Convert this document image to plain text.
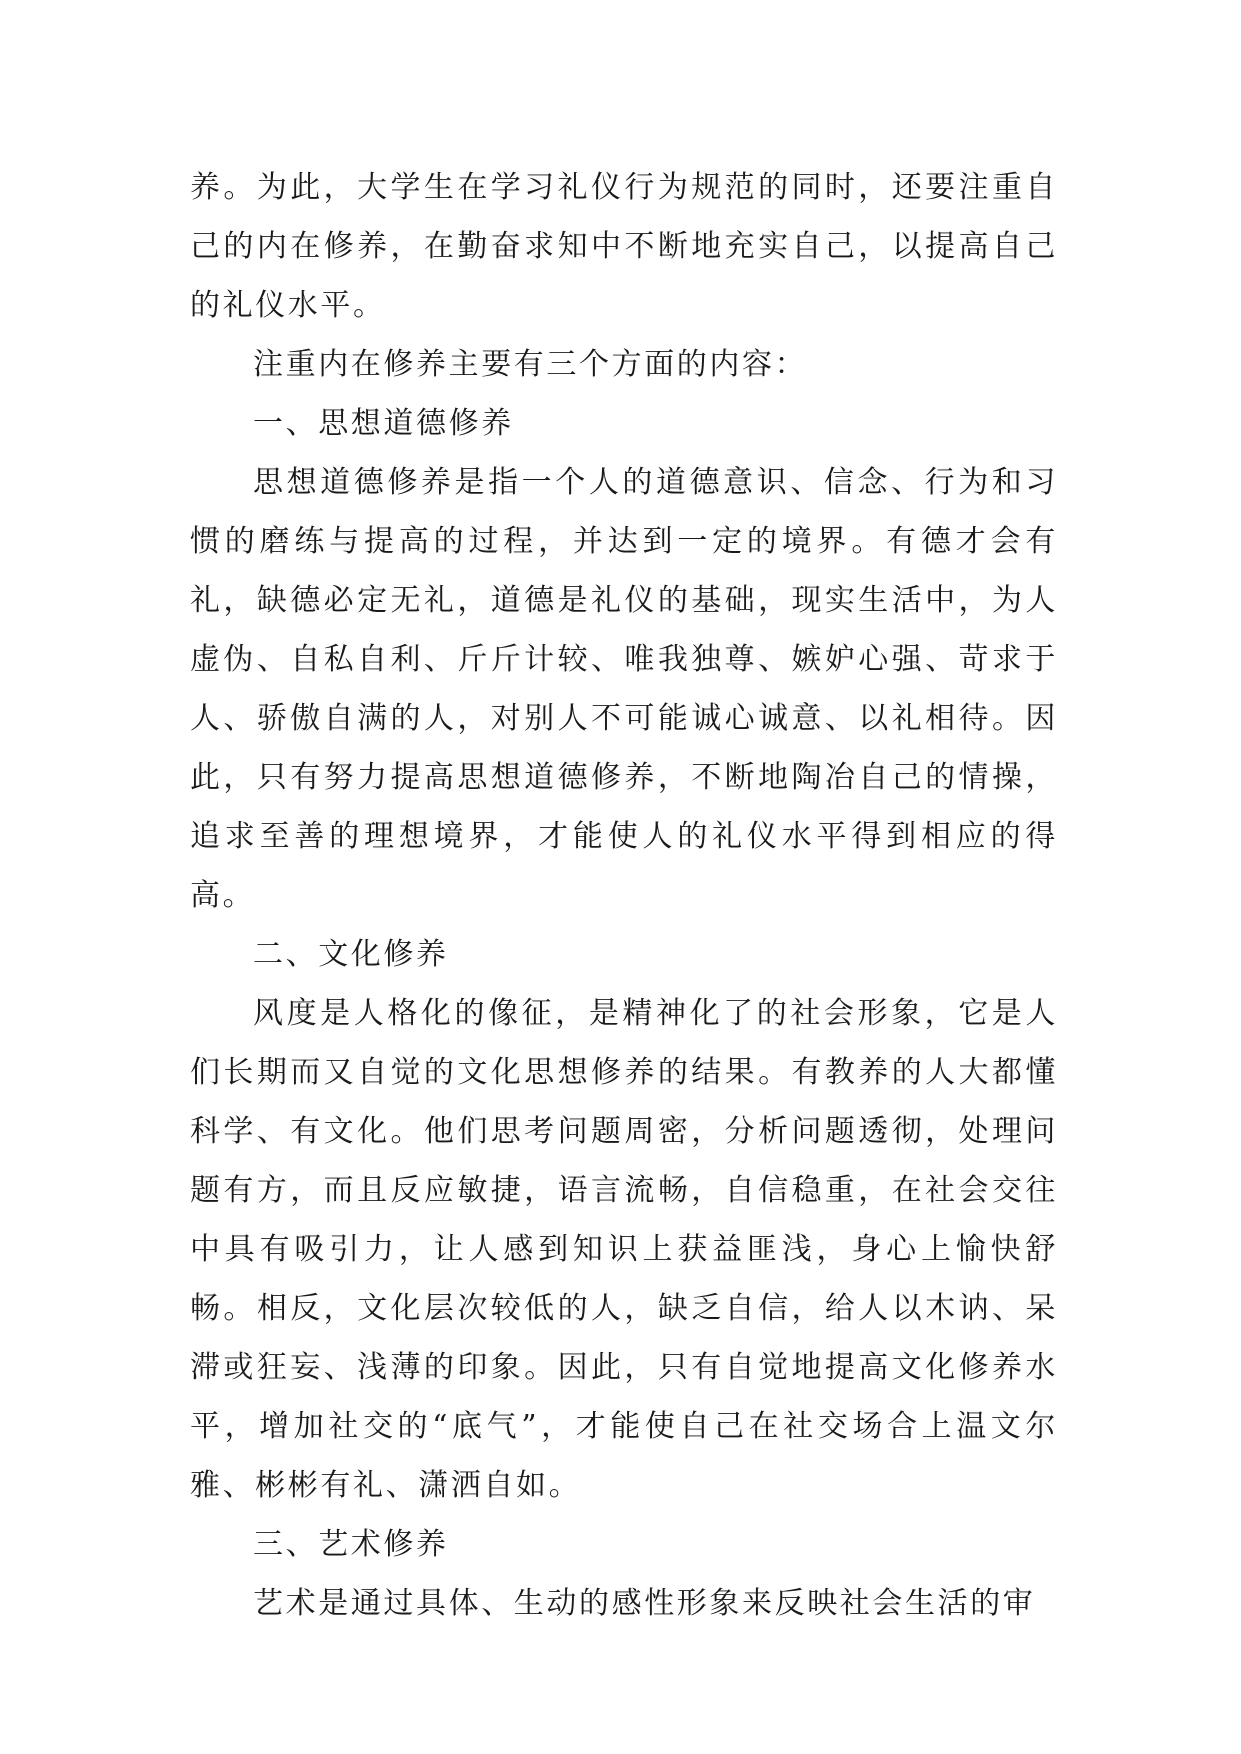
养。为此，大学生在学习礼仪行为规范的同时，还要注重自己的内在修养，在勤奋求知中不断地充实自己，以提高自己的礼仪水平。

注重内在修养主要有三个方面的内容：

一、思想道德修养

思想道德修养是指一个人的道德意识、信念、行为和习惯的磨练与提高的过程，并达到一定的境界。有德才会有礼，缺德必定无礼，道德是礼仪的基础，现实生活中，为人虚伪、自私自利、斤斤计较、唯我独尊、嫉妒心强、苛求于人、骄傲自满的人，对别人不可能诚心诚意、以礼相待。因此，只有努力提高思想道德修养，不断地陶冶自己的情操，追求至善的理想境界，才能使人的礼仪水平得到相应的得高。

二、文化修养

风度是人格化的像征，是精神化了的社会形象，它是人们长期而又自觉的文化思想修养的结果。有教养的人大都懂科学、有文化。他们思考问题周密，分析问题透彻，处理问题有方，而且反应敏捷，语言流畅，自信稳重，在社会交往中具有吸引力，让人感到知识上获益匪浅，身心上愉快舒畅。相反，文化层次较低的人，缺乏自信，给人以木讷、呆滞或狂妄、浅薄的印象。因此，只有自觉地提高文化修养水平，增加社交的“底气”，才能使自己在社交场合上温文尔雅、彬彬有礼、潇洒自如。

三、艺术修养

艺术是通过具体、生动的感性形象来反映社会生活的审
